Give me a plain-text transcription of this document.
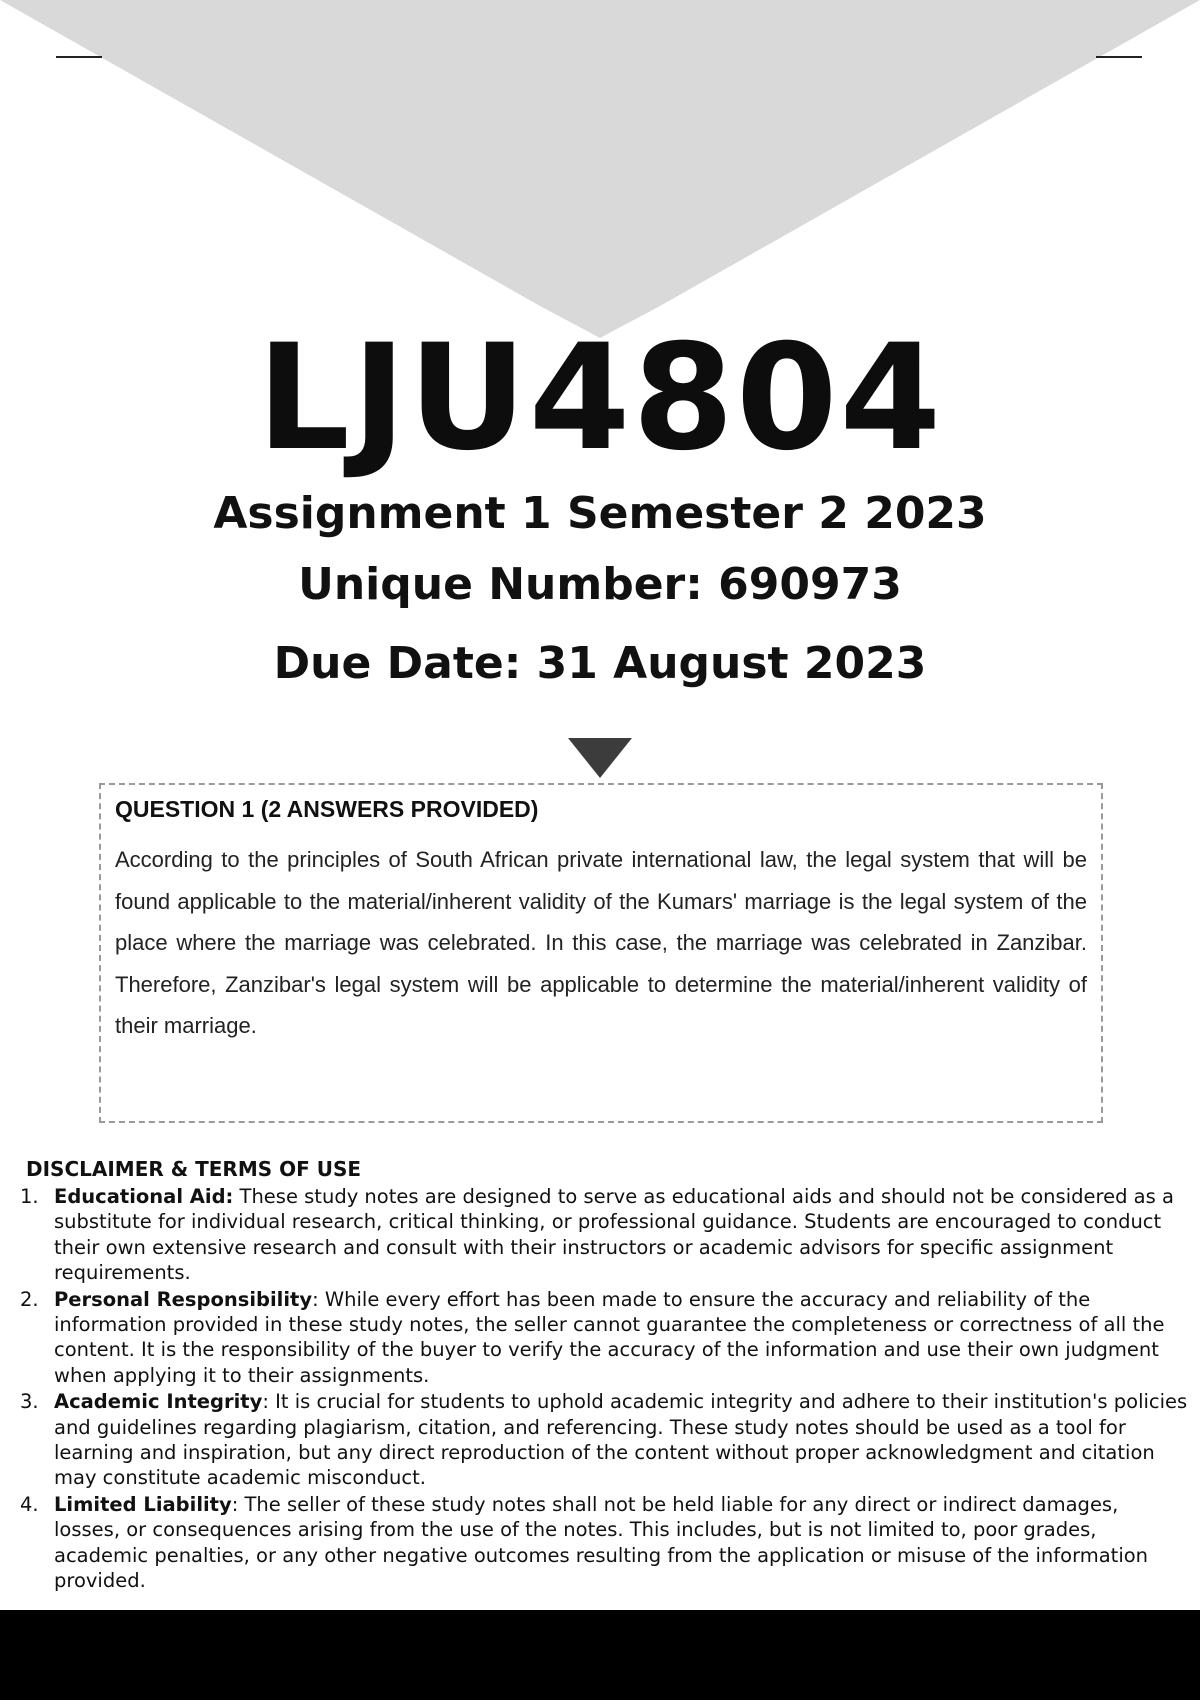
LJU4804
Assignment 1 Semester 2 2023
Unique Number: 690973
Due Date: 31 August 2023
QUESTION 1 (2 ANSWERS PROVIDED)

According to the principles of South African private international law, the legal system that will be found applicable to the material/inherent validity of the Kumars' marriage is the legal system of the place where the marriage was celebrated. In this case, the marriage was celebrated in Zanzibar. Therefore, Zanzibar's legal system will be applicable to determine the material/inherent validity of their marriage.

DISCLAIMER & TERMS OF USE
1. Educational Aid: These study notes are designed to serve as educational aids and should not be considered as a substitute for individual research, critical thinking, or professional guidance. Students are encouraged to conduct their own extensive research and consult with their instructors or academic advisors for specific assignment requirements.
2. Personal Responsibility: While every effort has been made to ensure the accuracy and reliability of the information provided in these study notes, the seller cannot guarantee the completeness or correctness of all the content. It is the responsibility of the buyer to verify the accuracy of the information and use their own judgment when applying it to their assignments.
3. Academic Integrity: It is crucial for students to uphold academic integrity and adhere to their institution's policies and guidelines regarding plagiarism, citation, and referencing. These study notes should be used as a tool for learning and inspiration, but any direct reproduction of the content without proper acknowledgment and citation may constitute academic misconduct.
4. Limited Liability: The seller of these study notes shall not be held liable for any direct or indirect damages, losses, or consequences arising from the use of the notes. This includes, but is not limited to, poor grades, academic penalties, or any other negative outcomes resulting from the application or misuse of the information provided.
